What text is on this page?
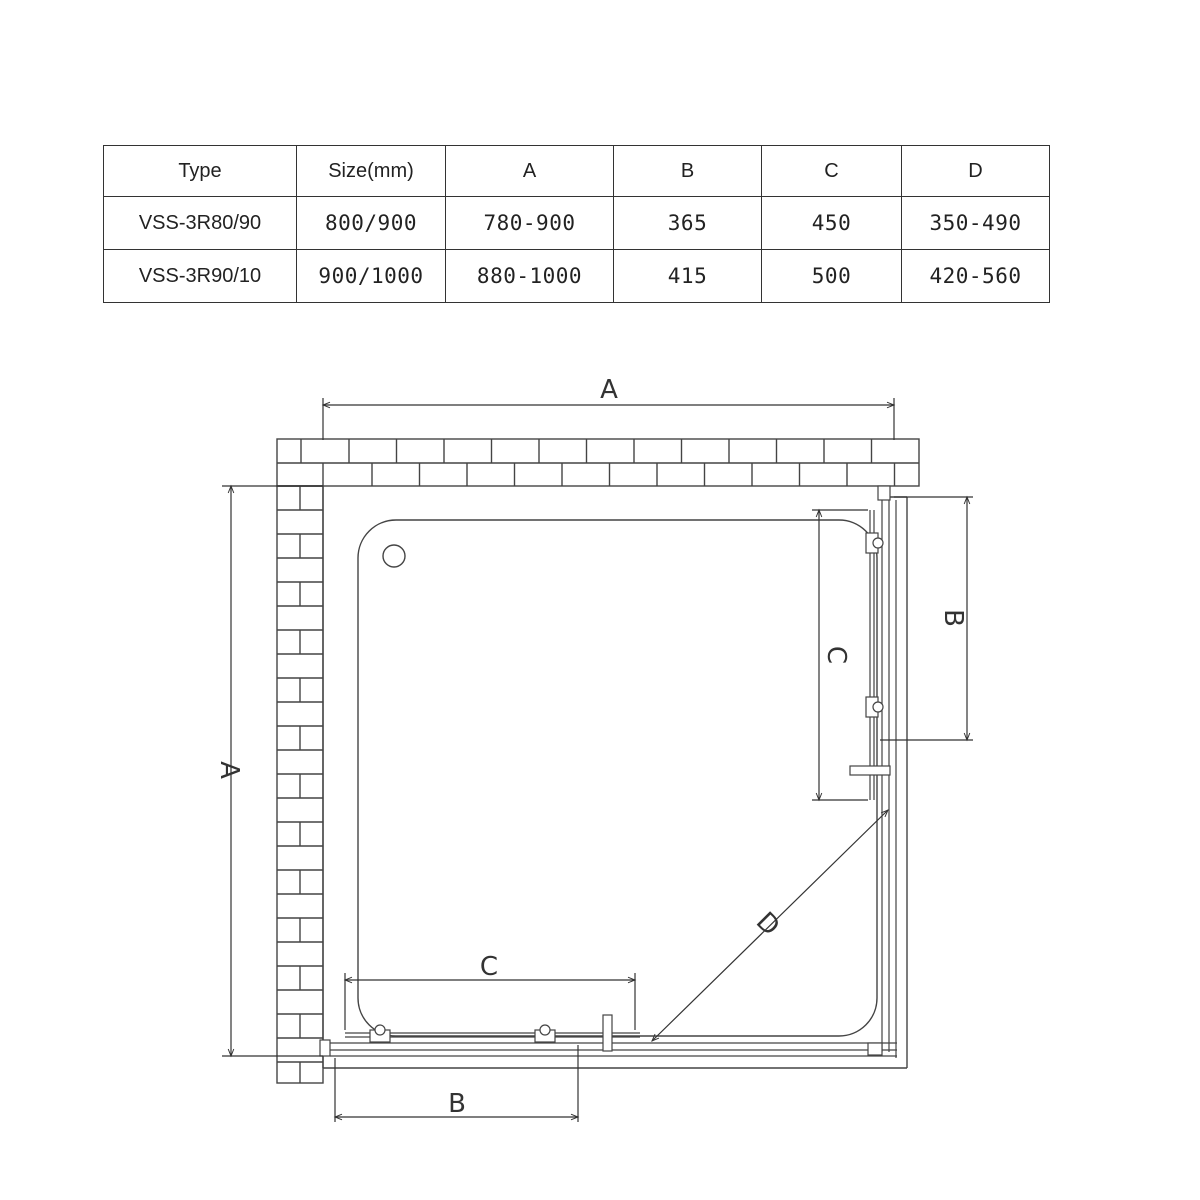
Type	Size(mm)	A	B	C	D
VSS-3R80/90	800/900	780-900	365	450	350-490
VSS-3R90/10	900/1000	880-1000	415	500	420-560
A
A
B
C
C
B
D
